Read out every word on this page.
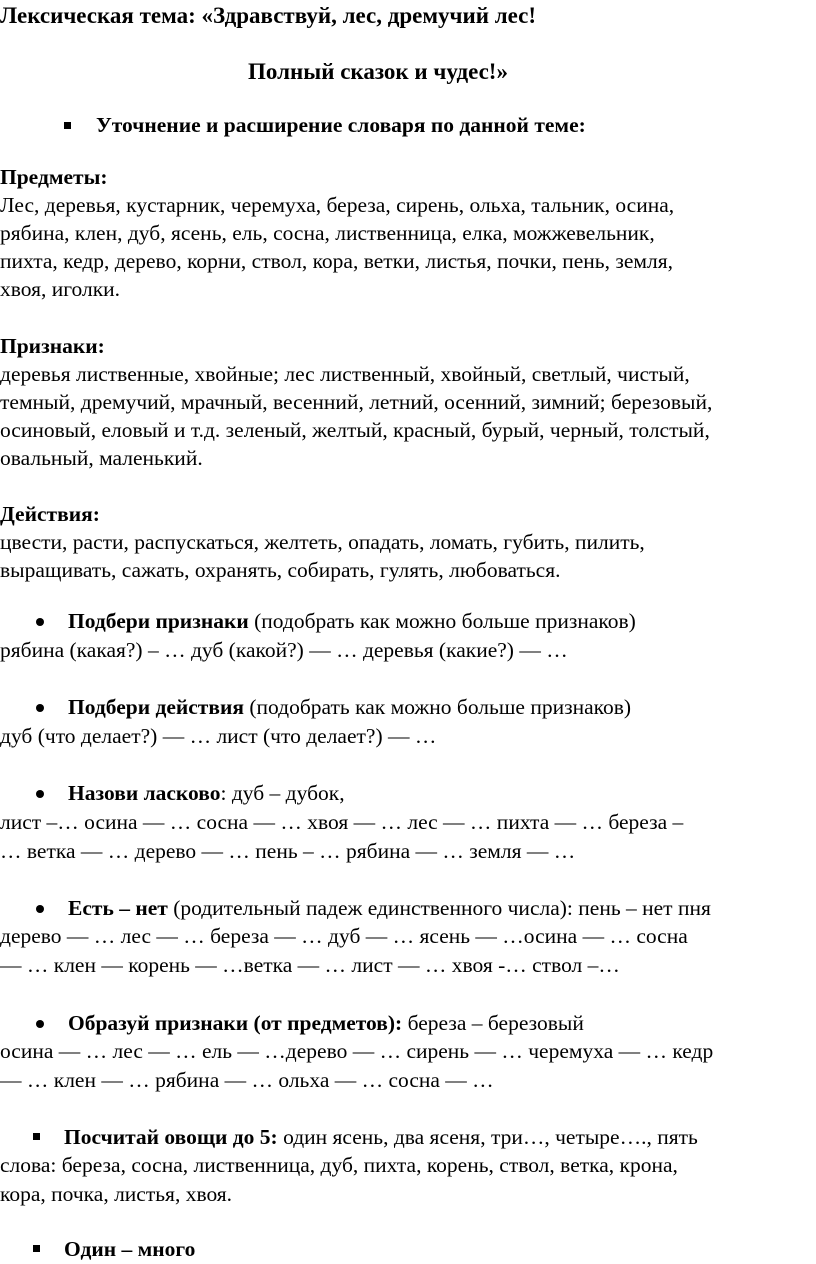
Лексическая тема: «Здравствуй, лес, дремучий лес!
Полный сказок и чудес!»
Уточнение и расширение словаря по данной теме:
Предметы:
Лес, деревья, кустарник, черемуха, береза, сирень, ольха, тальник, осина,
рябина, клен, дуб, ясень, ель, сосна, лиственница, елка, можжевельник,
пихта, кедр, дерево, корни, ствол, кора, ветки, листья, почки, пень, земля,
хвоя, иголки.
Признаки:
деревья лиственные, хвойные; лес лиственный, хвойный, светлый, чистый,
темный, дремучий, мрачный, весенний, летний, осенний, зимний; березовый,
осиновый, еловый и т.д. зеленый, желтый, красный, бурый, черный, толстый,
овальный, маленький.
Действия:
цвести, расти, распускаться, желтеть, опадать, ломать, губить, пилить,
выращивать, сажать, охранять, собирать, гулять, любоваться.
Подбери признаки (подобрать как можно больше признаков)
рябина (какая?) – … дуб (какой?) — … деревья (какие?) — …
Подбери действия (подобрать как можно больше признаков)
дуб (что делает?) — … лист (что делает?) — …
Назови ласково: дуб – дубок,
лист –… осина — … сосна — … хвоя — … лес — … пихта — … береза –
… ветка — … дерево — … пень – … рябина — … земля — …
Есть – нет (родительный падеж единственного числа): пень – нет пня
дерево — … лес — … береза — … дуб — … ясень — …осина — … сосна
— … клен — корень — …ветка — … лист — … хвоя -… ствол –…
Образуй признаки (от предметов): береза – березовый
осина — … лес — … ель — …дерево — … сирень — … черемуха — … кедр
— … клен — … рябина — … ольха — … сосна — …
Посчитай овощи до 5: один ясень, два ясеня, три…, четыре…., пять
слова: береза, сосна, лиственница, дуб, пихта, корень, ствол, ветка, крона,
кора, почка, листья, хвоя.
Один – много
